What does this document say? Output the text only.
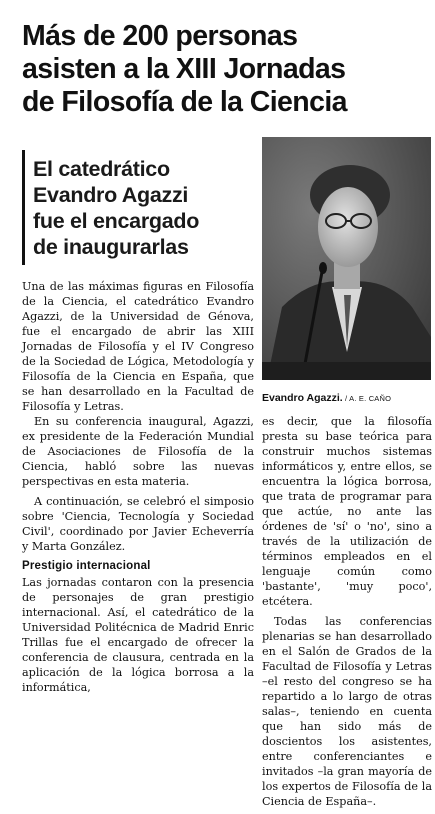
Más de 200 personas
asisten a la XIII Jornadas
de Filosofía de la Ciencia
El catedrático
Evandro Agazzi
fue el encargado
de inaugurarlas
Evandro Agazzi. / A. E. CAÑO

Una de las máximas figuras en Filosofía de la Ciencia, el catedrático Evandro Agazzi, de la Universidad de Génova, fue el encargado de abrir las XIII Jornadas de Filosofía y el IV Congreso de la Sociedad de Lógica, Metodología y Filosofía de la Ciencia en España, que se han desarrollado en la Facultad de Filosofía y Letras.

En su conferencia inaugural, Agazzi, ex presidente de la Federación Mundial de Asociaciones de Filosofía de la Ciencia, habló sobre las nuevas perspectivas en esta materia.

A continuación, se celebró el simposio sobre 'Ciencia, Tecnología y Sociedad Civil', coordinado por Javier Echeverría y Marta González.

Prestigio internacional

Las jornadas contaron con la presencia de personajes de gran prestigio internacional. Así, el catedrático de la Universidad Politécnica de Madrid Enric Trillas fue el encargado de ofrecer la conferencia de clausura, centrada en la aplicación de la lógica borrosa a la informática,

es decir, que la filosofía presta su base teórica para construir muchos sistemas informáticos y, entre ellos, se encuentra la lógica borrosa, que trata de programar para que actúe, no ante las órdenes de 'sí' o 'no', sino a través de la utilización de términos empleados en el lenguaje común como 'bastante', 'muy poco', etcétera.

Todas las conferencias plenarias se han desarrollado en el Salón de Grados de la Facultad de Filosofía y Letras –el resto del congreso se ha repartido a lo largo de otras salas–, teniendo en cuenta que han sido más de doscientos los asistentes, entre conferenciantes e invitados –la gran mayoría de los expertos de Filosofía de la Ciencia de España–.
